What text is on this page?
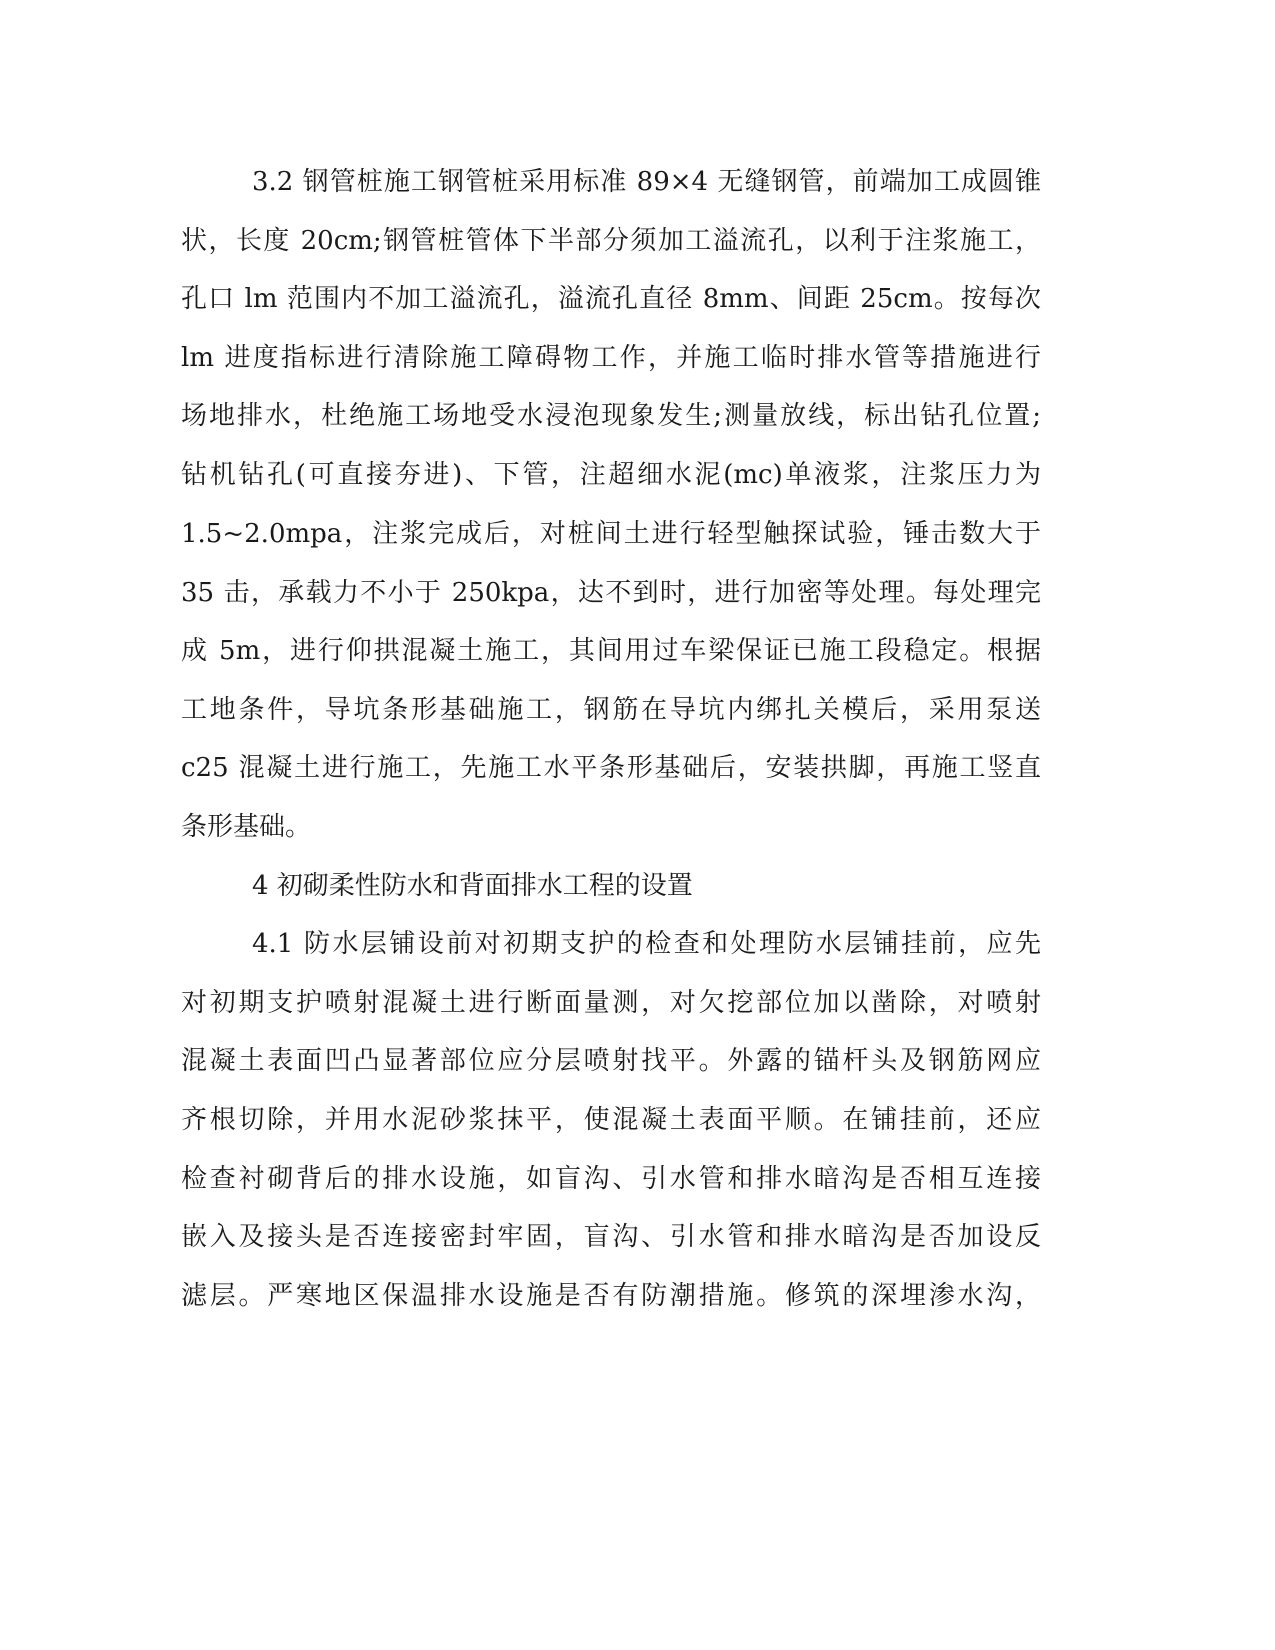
3.2 钢管桩施工钢管桩采用标准 89×4 无缝钢管，前端加工成圆锥
状，长度 20cm;钢管桩管体下半部分须加工溢流孔，以利于注浆施工，
孔口 lm 范围内不加工溢流孔，溢流孔直径 8mm、间距 25cm。按每次
lm 进度指标进行清除施工障碍物工作，并施工临时排水管等措施进行
场地排水，杜绝施工场地受水浸泡现象发生;测量放线，标出钻孔位置;
钻机钻孔(可直接夯进)、下管，注超细水泥(mc)单液浆，注浆压力为
1.5~2.0mpa，注浆完成后，对桩间土进行轻型触探试验，锤击数大于
35 击，承载力不小于 250kpa，达不到时，进行加密等处理。每处理完
成 5m，进行仰拱混凝土施工，其间用过车梁保证已施工段稳定。根据
工地条件，导坑条形基础施工，钢筋在导坑内绑扎关模后，采用泵送
c25 混凝土进行施工，先施工水平条形基础后，安装拱脚，再施工竖直
条形基础。
4 初砌柔性防水和背面排水工程的设置
4.1 防水层铺设前对初期支护的检查和处理防水层铺挂前，应先
对初期支护喷射混凝土进行断面量测，对欠挖部位加以凿除，对喷射
混凝土表面凹凸显著部位应分层喷射找平。外露的锚杆头及钢筋网应
齐根切除，并用水泥砂浆抹平，使混凝土表面平顺。在铺挂前，还应
检查衬砌背后的排水设施，如盲沟、引水管和排水暗沟是否相互连接
嵌入及接头是否连接密封牢固，盲沟、引水管和排水暗沟是否加设反
滤层。严寒地区保温排水设施是否有防潮措施。修筑的深埋渗水沟，
